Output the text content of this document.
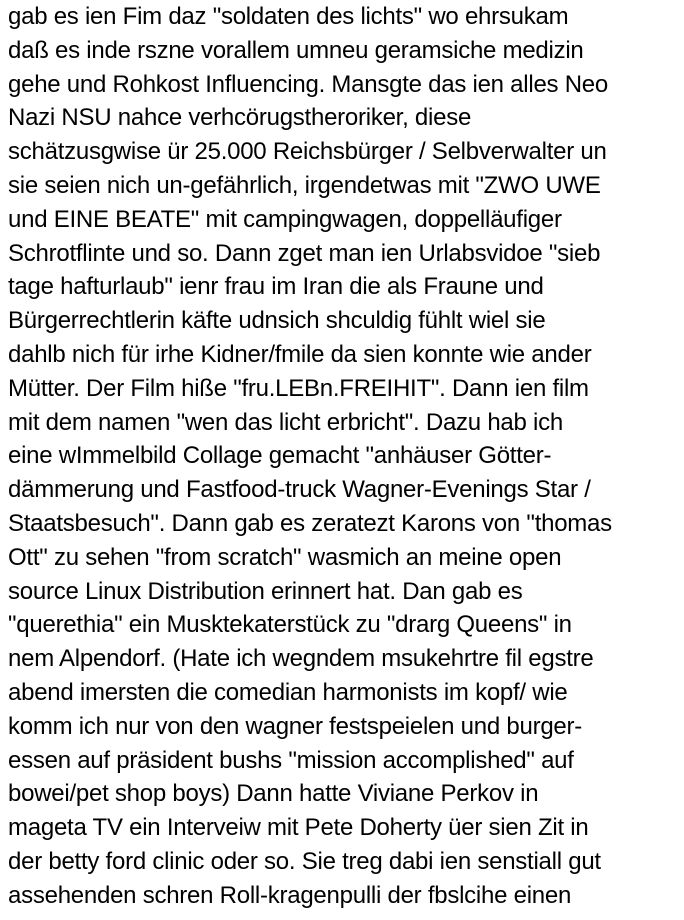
gab es ien Fim daz "soldaten des lichts" wo ehrsukam
daß es inde rszne vorallem umneu geramsiche medizin
gehe und Rohkost Influencing. Mansgte das ien alles Neo
Nazi NSU nahce verhcörugstheroriker, diese
schätzusgwise ür 25.000 Reichsbürger / Selbverwalter un
sie seien nich un-gefährlich, irgendetwas mit "ZWO UWE
und EINE BEATE" mit campingwagen, doppelläufiger
Schrotflinte und so. Dann zget man ien Urlabsvidoe "sieb
tage hafturlaub" ienr frau im Iran die als Fraune und
Bürgerrechtlerin käfte udnsich shculdig fühlt wiel sie
dahlb nich für irhe Kidner/fmile da sien konnte wie ander
Mütter. Der Film hiße "fru.LEBn.FREIHIT". Dann ien film
mit dem namen "wen das licht erbricht". Dazu hab ich
eine wImmelbild Collage gemacht "anhäuser Götter-
dämmerung und Fastfood-truck Wagner-Evenings Star /
Staatsbesuch". Dann gab es zeratezt Karons von "thomas
Ott" zu sehen "from scratch" wasmich an meine open
source Linux Distribution erinnert hat. Dan gab es
"querethia" ein Musktekaterstück zu "drarg Queens" in
nem Alpendorf. (Hate ich wegndem msukehrtre fil egstre
abend imersten die comedian harmonists im kopf/ wie
komm ich nur von den wagner festspeielen und burger-
essen auf präsident bushs "mission accomplished" auf
bowei/pet shop boys) Dann hatte Viviane Perkov in
mageta TV ein Interveiw mit Pete Doherty üer sien Zit in
der betty ford clinic oder so. Sie treg dabi ien senstiall gut
assehenden schren Roll-kragenpulli der fbslcihe einen
